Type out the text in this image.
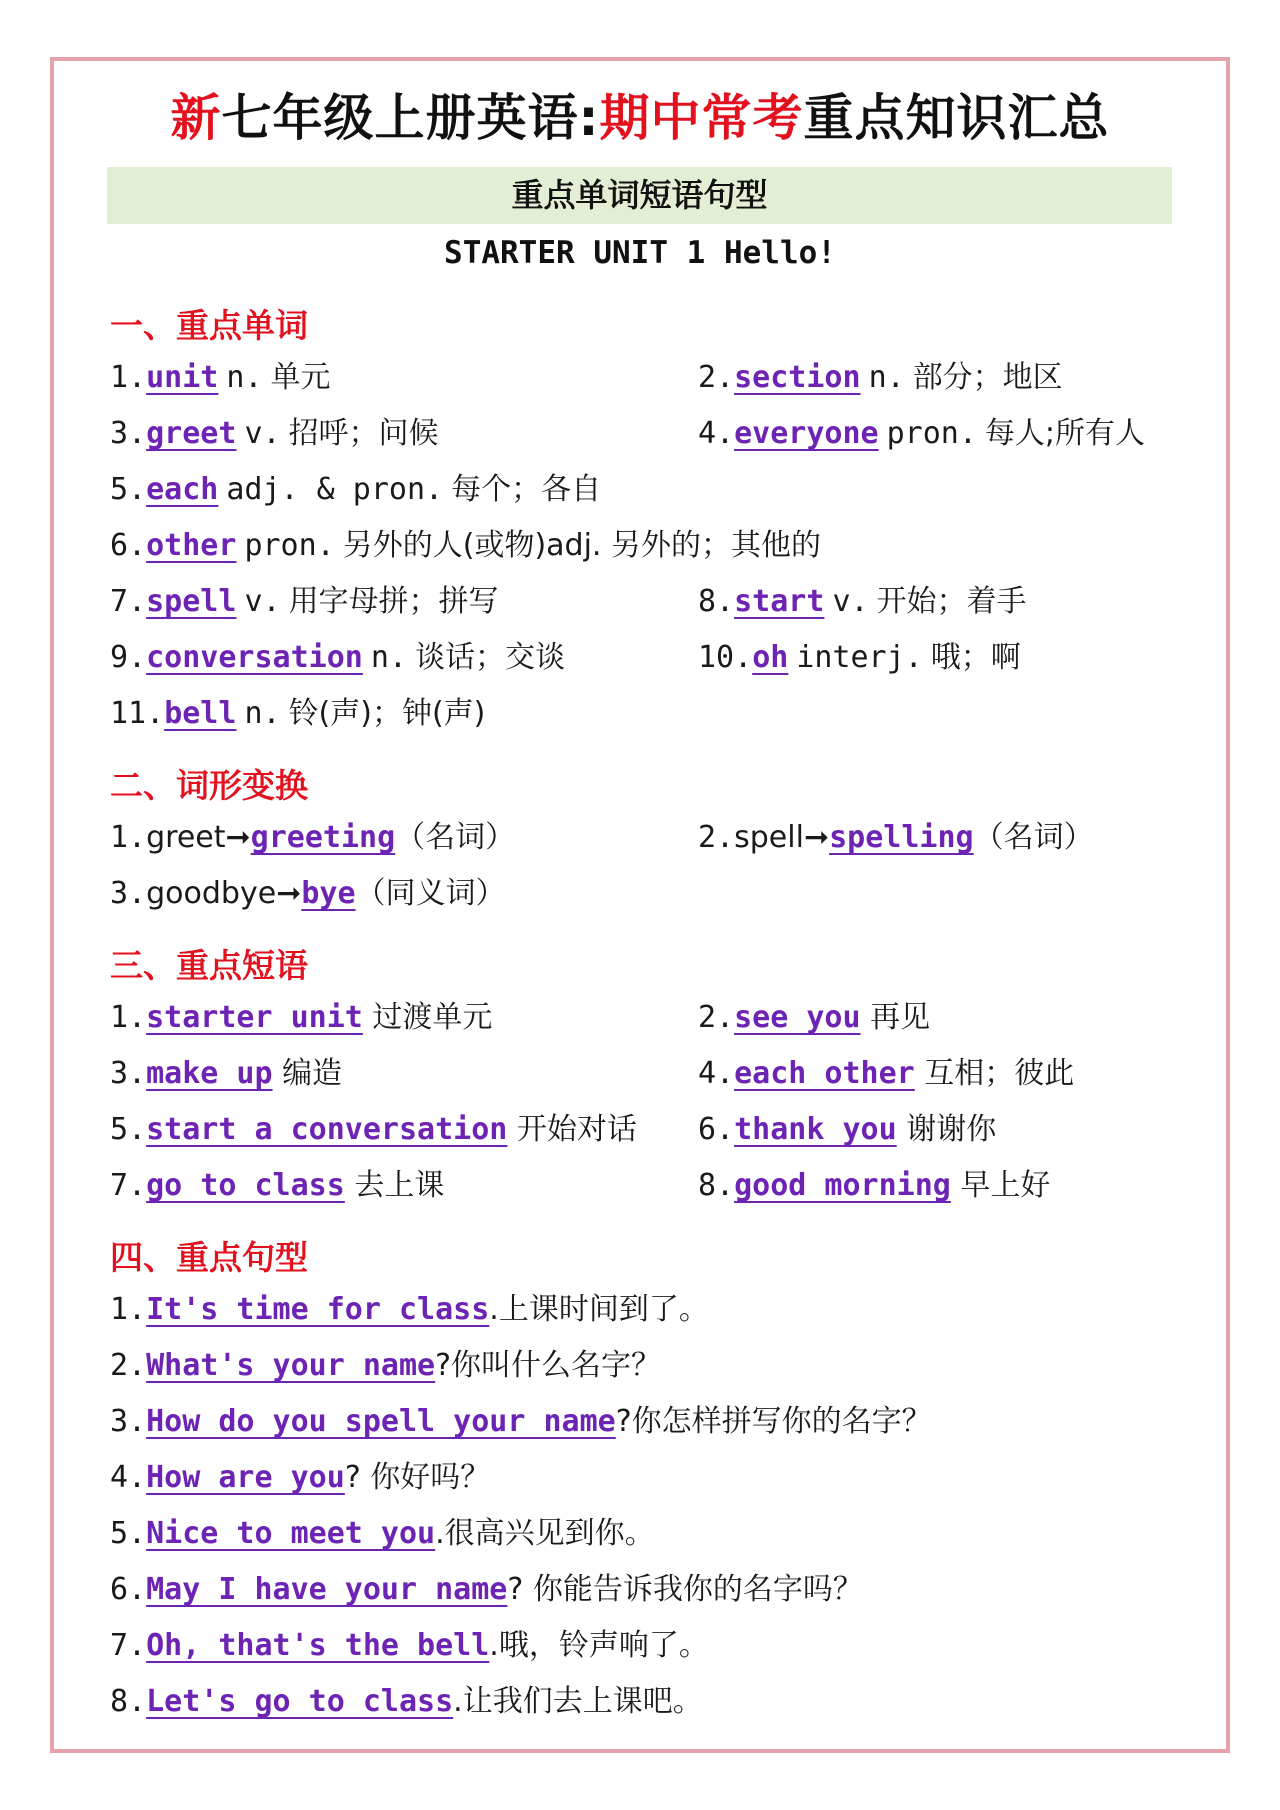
新七年级上册英语:期中常考重点知识汇总
重点单词短语句型
STARTER UNIT 1 Hello!
一、重点单词
1.unit n. 单元	2.section n. 部分；地区
3.greet v. 招呼；问候	4.everyone pron. 每人;所有人
5.each adj. & pron. 每个；各自
6.other pron. 另外的人(或物)adj. 另外的；其他的
7.spell v. 用字母拼；拼写	8.start v. 开始；着手
9.conversation n. 谈话；交谈	10.oh interj. 哦；啊
11.bell n. 铃(声)；钟(声)
二、词形变换
1.greet➞greeting（名词）	2.spell➞spelling（名词）
3.goodbye➞bye（同义词）
三、重点短语
1.starter unit 过渡单元	2.see you 再见
3.make up 编造	4.each other 互相；彼此
5.start a conversation 开始对话 6.thank you 谢谢你
7.go to class 去上课	8.good morning 早上好
四、重点句型
1.It's time for class.上课时间到了。
2.What's your name?你叫什么名字？
3.How do you spell your name?你怎样拼写你的名字？
4.How are you? 你好吗？
5.Nice to meet you.很高兴见到你。
6.May I have your name? 你能告诉我你的名字吗？
7.Oh, that's the bell.哦，铃声响了。
8.Let's go to class.让我们去上课吧。
